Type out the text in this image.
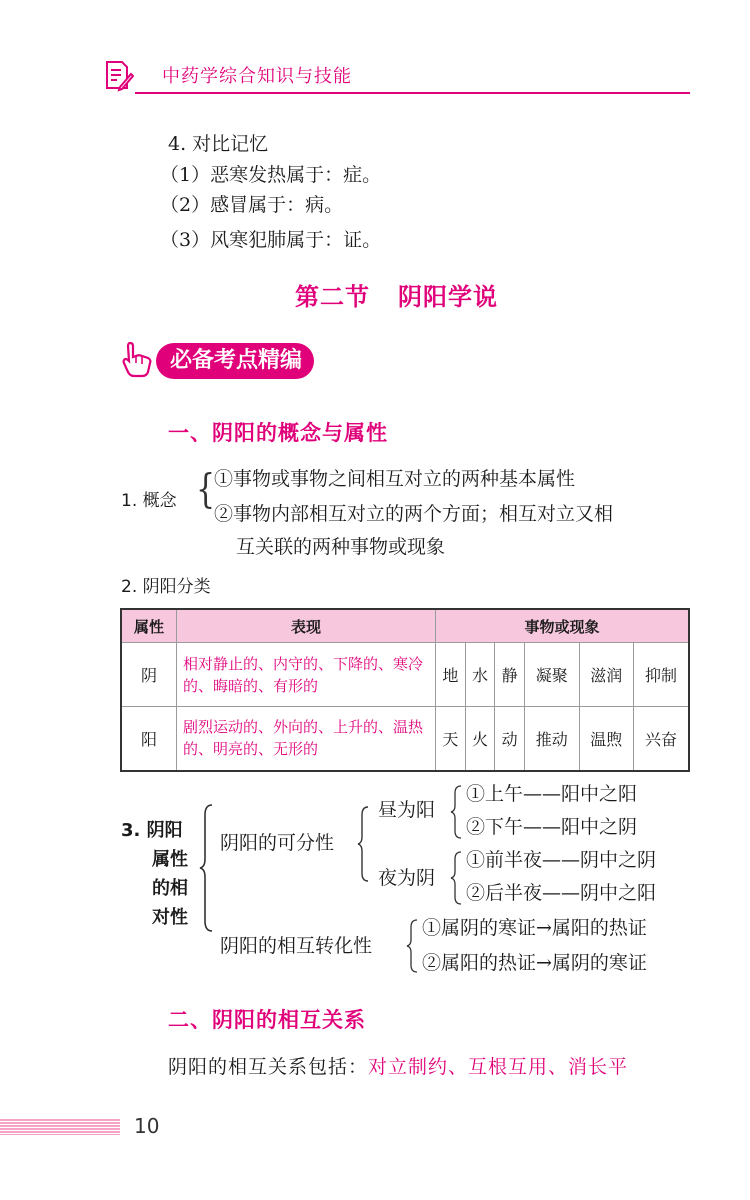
中药学综合知识与技能
4. 对比记忆
（1）恶寒发热属于：症。
（2）感冒属于：病。
（3）风寒犯肺属于：证。
第二节 阴阳学说
必备考点精编
一、阴阳的概念与属性
1. 概念 {
①事物或事物之间相互对立的两种基本属性
②事物内部相互对立的两个方面；相互对立又相
互关联的两种事物或现象
2. 阴阳分类
属性	表现	事物或现象					
阴	相对静止的、内守的、下降的、寒冷的、晦暗的、有形的	地	水	静	凝聚	滋润	抑制
阳	剧烈运动的、外向的、上升的、温热的、明亮的、无形的	天	火	动	推动	温煦	兴奋
3. 阴阳
属性
的相
对性
阴阳的可分性
昼为阳
①上午——阳中之阳
②下午——阳中之阴
夜为阴
①前半夜——阴中之阴
②后半夜——阴中之阳
阴阳的相互转化性
①属阴的寒证→属阳的热证
②属阳的热证→属阴的寒证
二、阴阳的相互关系
阴阳的相互关系包括：对立制约、互根互用、消长平
10
